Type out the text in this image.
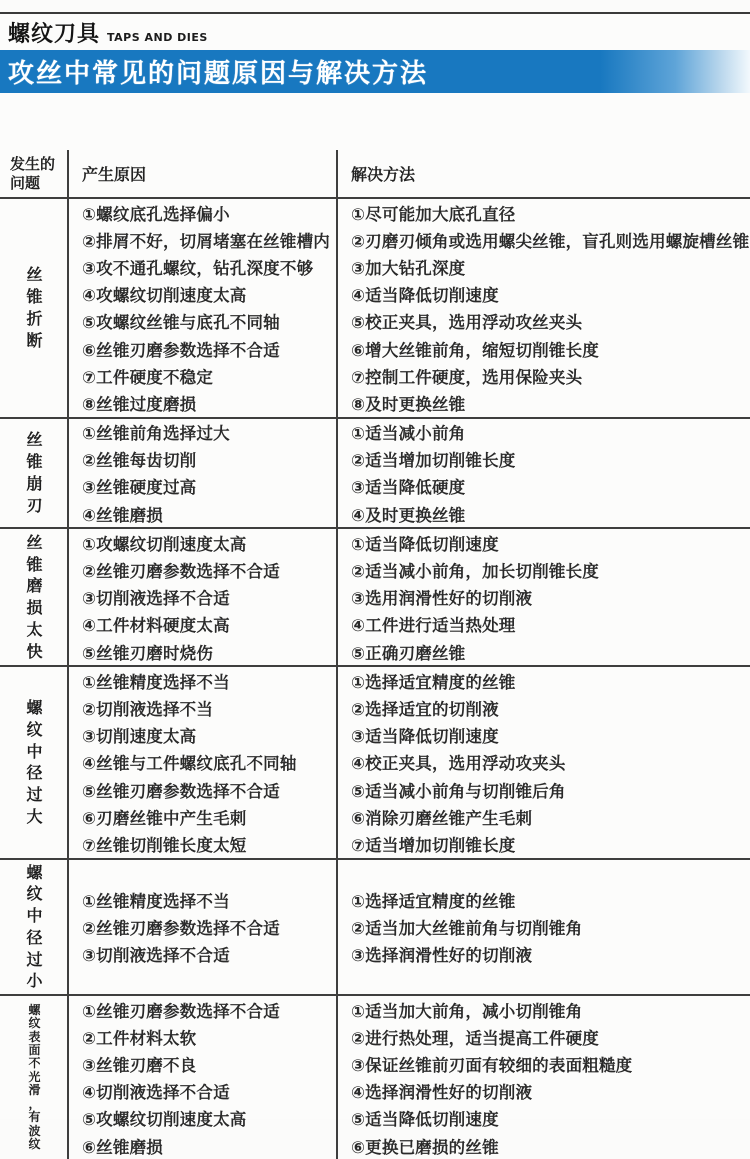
螺纹刀具 TAPS AND DIES
攻丝中常见的问题原因与解决方法
发生的问题	产生原因	解决方法
丝锥折断
①螺纹底孔选择偏小
②排屑不好，切屑堵塞在丝锥槽内
③攻不通孔螺纹，钻孔深度不够
④攻螺纹切削速度太高
⑤攻螺纹丝锥与底孔不同轴
⑥丝锥刃磨参数选择不合适
⑦工件硬度不稳定
⑧丝锥过度磨损
①尽可能加大底孔直径
②刃磨刃倾角或选用螺尖丝锥，盲孔则选用螺旋槽丝锥
③加大钻孔深度
④适当降低切削速度
⑤校正夹具，选用浮动攻丝夹头
⑥增大丝锥前角，缩短切削锥长度
⑦控制工件硬度，选用保险夹头
⑧及时更换丝锥
丝锥崩刃
①丝锥前角选择过大
②丝锥每齿切削
③丝锥硬度过高
④丝锥磨损
①适当减小前角
②适当增加切削锥长度
③适当降低硬度
④及时更换丝锥
丝锥磨损太快
①攻螺纹切削速度太高
②丝锥刃磨参数选择不合适
③切削液选择不合适
④工件材料硬度太高
⑤丝锥刃磨时烧伤
①适当降低切削速度
②适当减小前角，加长切削锥长度
③选用润滑性好的切削液
④工件进行适当热处理
⑤正确刃磨丝锥
螺纹中径过大
①丝锥精度选择不当
②切削液选择不当
③切削速度太高
④丝锥与工件螺纹底孔不同轴
⑤丝锥刃磨参数选择不合适
⑥刃磨丝锥中产生毛刺
⑦丝锥切削锥长度太短
①选择适宜精度的丝锥
②选择适宜的切削液
③适当降低切削速度
④校正夹具，选用浮动攻夹头
⑤适当减小前角与切削锥后角
⑥消除刃磨丝锥产生毛刺
⑦适当增加切削锥长度
螺纹中径过小
①丝锥精度选择不当
②丝锥刃磨参数选择不合适
③切削液选择不合适
①选择适宜精度的丝锥
②适当加大丝锥前角与切削锥角
③选择润滑性好的切削液
螺纹表面不光滑，有波纹
①丝锥刃磨参数选择不合适
②工件材料太软
③丝锥刃磨不良
④切削液选择不合适
⑤攻螺纹切削速度太高
⑥丝锥磨损
①适当加大前角，减小切削锥角
②进行热处理，适当提高工件硬度
③保证丝锥前刃面有较细的表面粗糙度
④选择润滑性好的切削液
⑤适当降低切削速度
⑥更换已磨损的丝锥
